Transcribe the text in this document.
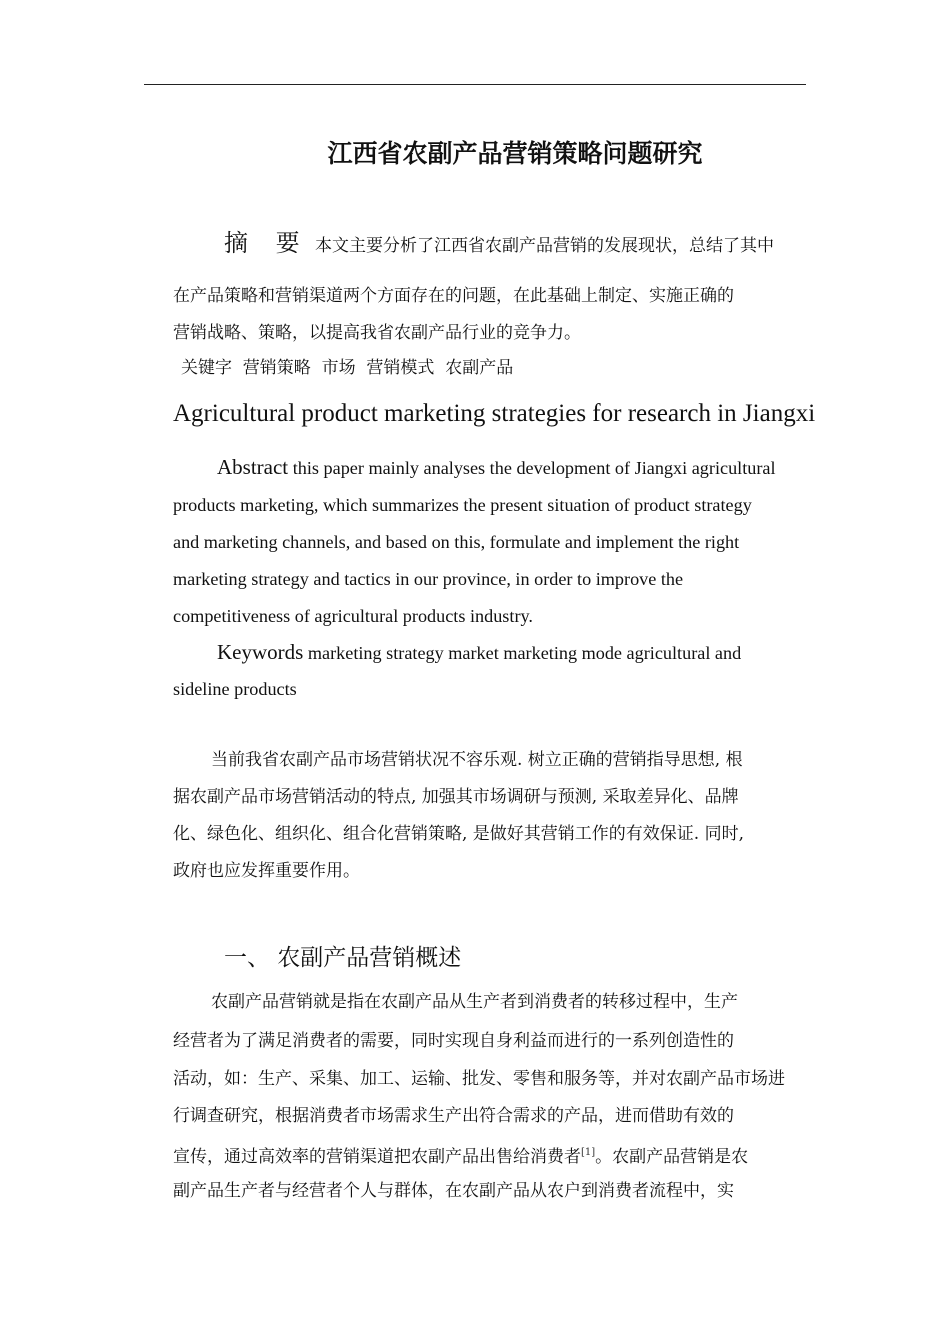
江西省农副产品营销策略问题研究
摘 要 本文主要分析了江西省农副产品营销的发展现状，总结了其中

在产品策略和营销渠道两个方面存在的问题，在此基础上制定、实施正确的

营销战略、策略，以提高我省农副产品行业的竞争力。

关键字  营销策略  市场  营销模式  农副产品

Agricultural product marketing strategies for research in Jiangxi
Abstract this paper mainly analyses the development of Jiangxi agricultural

products marketing, which summarizes the present situation of product strategy

and marketing channels, and based on this, formulate and implement the right

marketing strategy and tactics in our province, in order to improve the

competitiveness of agricultural products industry.

Keywords marketing strategy market marketing mode agricultural and

sideline products

当前我省农副产品市场营销状况不容乐观. 树立正确的营销指导思想, 根

据农副产品市场营销活动的特点, 加强其市场调研与预测, 采取差异化、品牌

化、绿色化、组织化、组合化营销策略, 是做好其营销工作的有效保证. 同时,

政府也应发挥重要作用。

一、 农副产品营销概述

农副产品营销就是指在农副产品从生产者到消费者的转移过程中，生产

经营者为了满足消费者的需要，同时实现自身利益而进行的一系列创造性的

活动，如：生产、采集、加工、运输、批发、零售和服务等，并对农副产品市场进

行调查研究，根据消费者市场需求生产出符合需求的产品，进而借助有效的

宣传，通过高效率的营销渠道把农副产品出售给消费者[1]。农副产品营销是农

副产品生产者与经营者个人与群体，在农副产品从农户到消费者流程中，实
